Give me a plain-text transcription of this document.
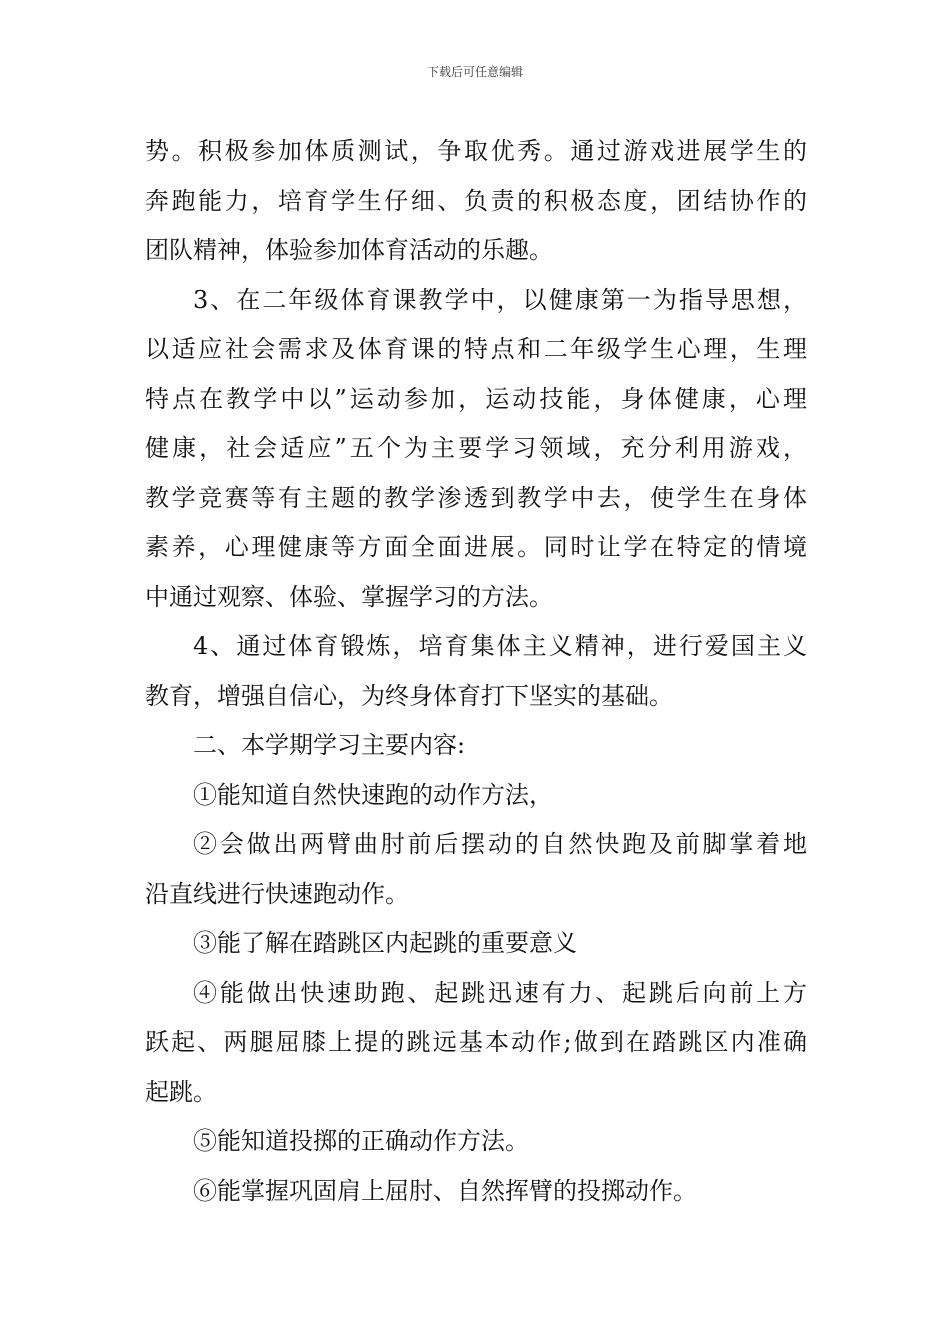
下载后可任意编辑
势。积极参加体质测试，争取优秀。通过游戏进展学生的
奔跑能力，培育学生仔细、负责的积极态度，团结协作的
团队精神，体验参加体育活动的乐趣。
3、在二年级体育课教学中，以健康第一为指导思想，
以适应社会需求及体育课的特点和二年级学生心理，生理
特点在教学中以”运动参加，运动技能，身体健康，心理
健康，社会适应”五个为主要学习领域，充分利用游戏，
教学竞赛等有主题的教学渗透到教学中去，使学生在身体
素养，心理健康等方面全面进展。同时让学在特定的情境
中通过观察、体验、掌握学习的方法。
4、通过体育锻炼，培育集体主义精神，进行爱国主义
教育，增强自信心，为终身体育打下坚实的基础。
二、本学期学习主要内容:
①能知道自然快速跑的动作方法，
②会做出两臂曲肘前后摆动的自然快跑及前脚掌着地
沿直线进行快速跑动作。
③能了解在踏跳区内起跳的重要意义
④能做出快速助跑、起跳迅速有力、起跳后向前上方
跃起、两腿屈膝上提的跳远基本动作;做到在踏跳区内准确
起跳。
⑤能知道投掷的正确动作方法。
⑥能掌握巩固肩上屈肘、自然挥臂的投掷动作。
